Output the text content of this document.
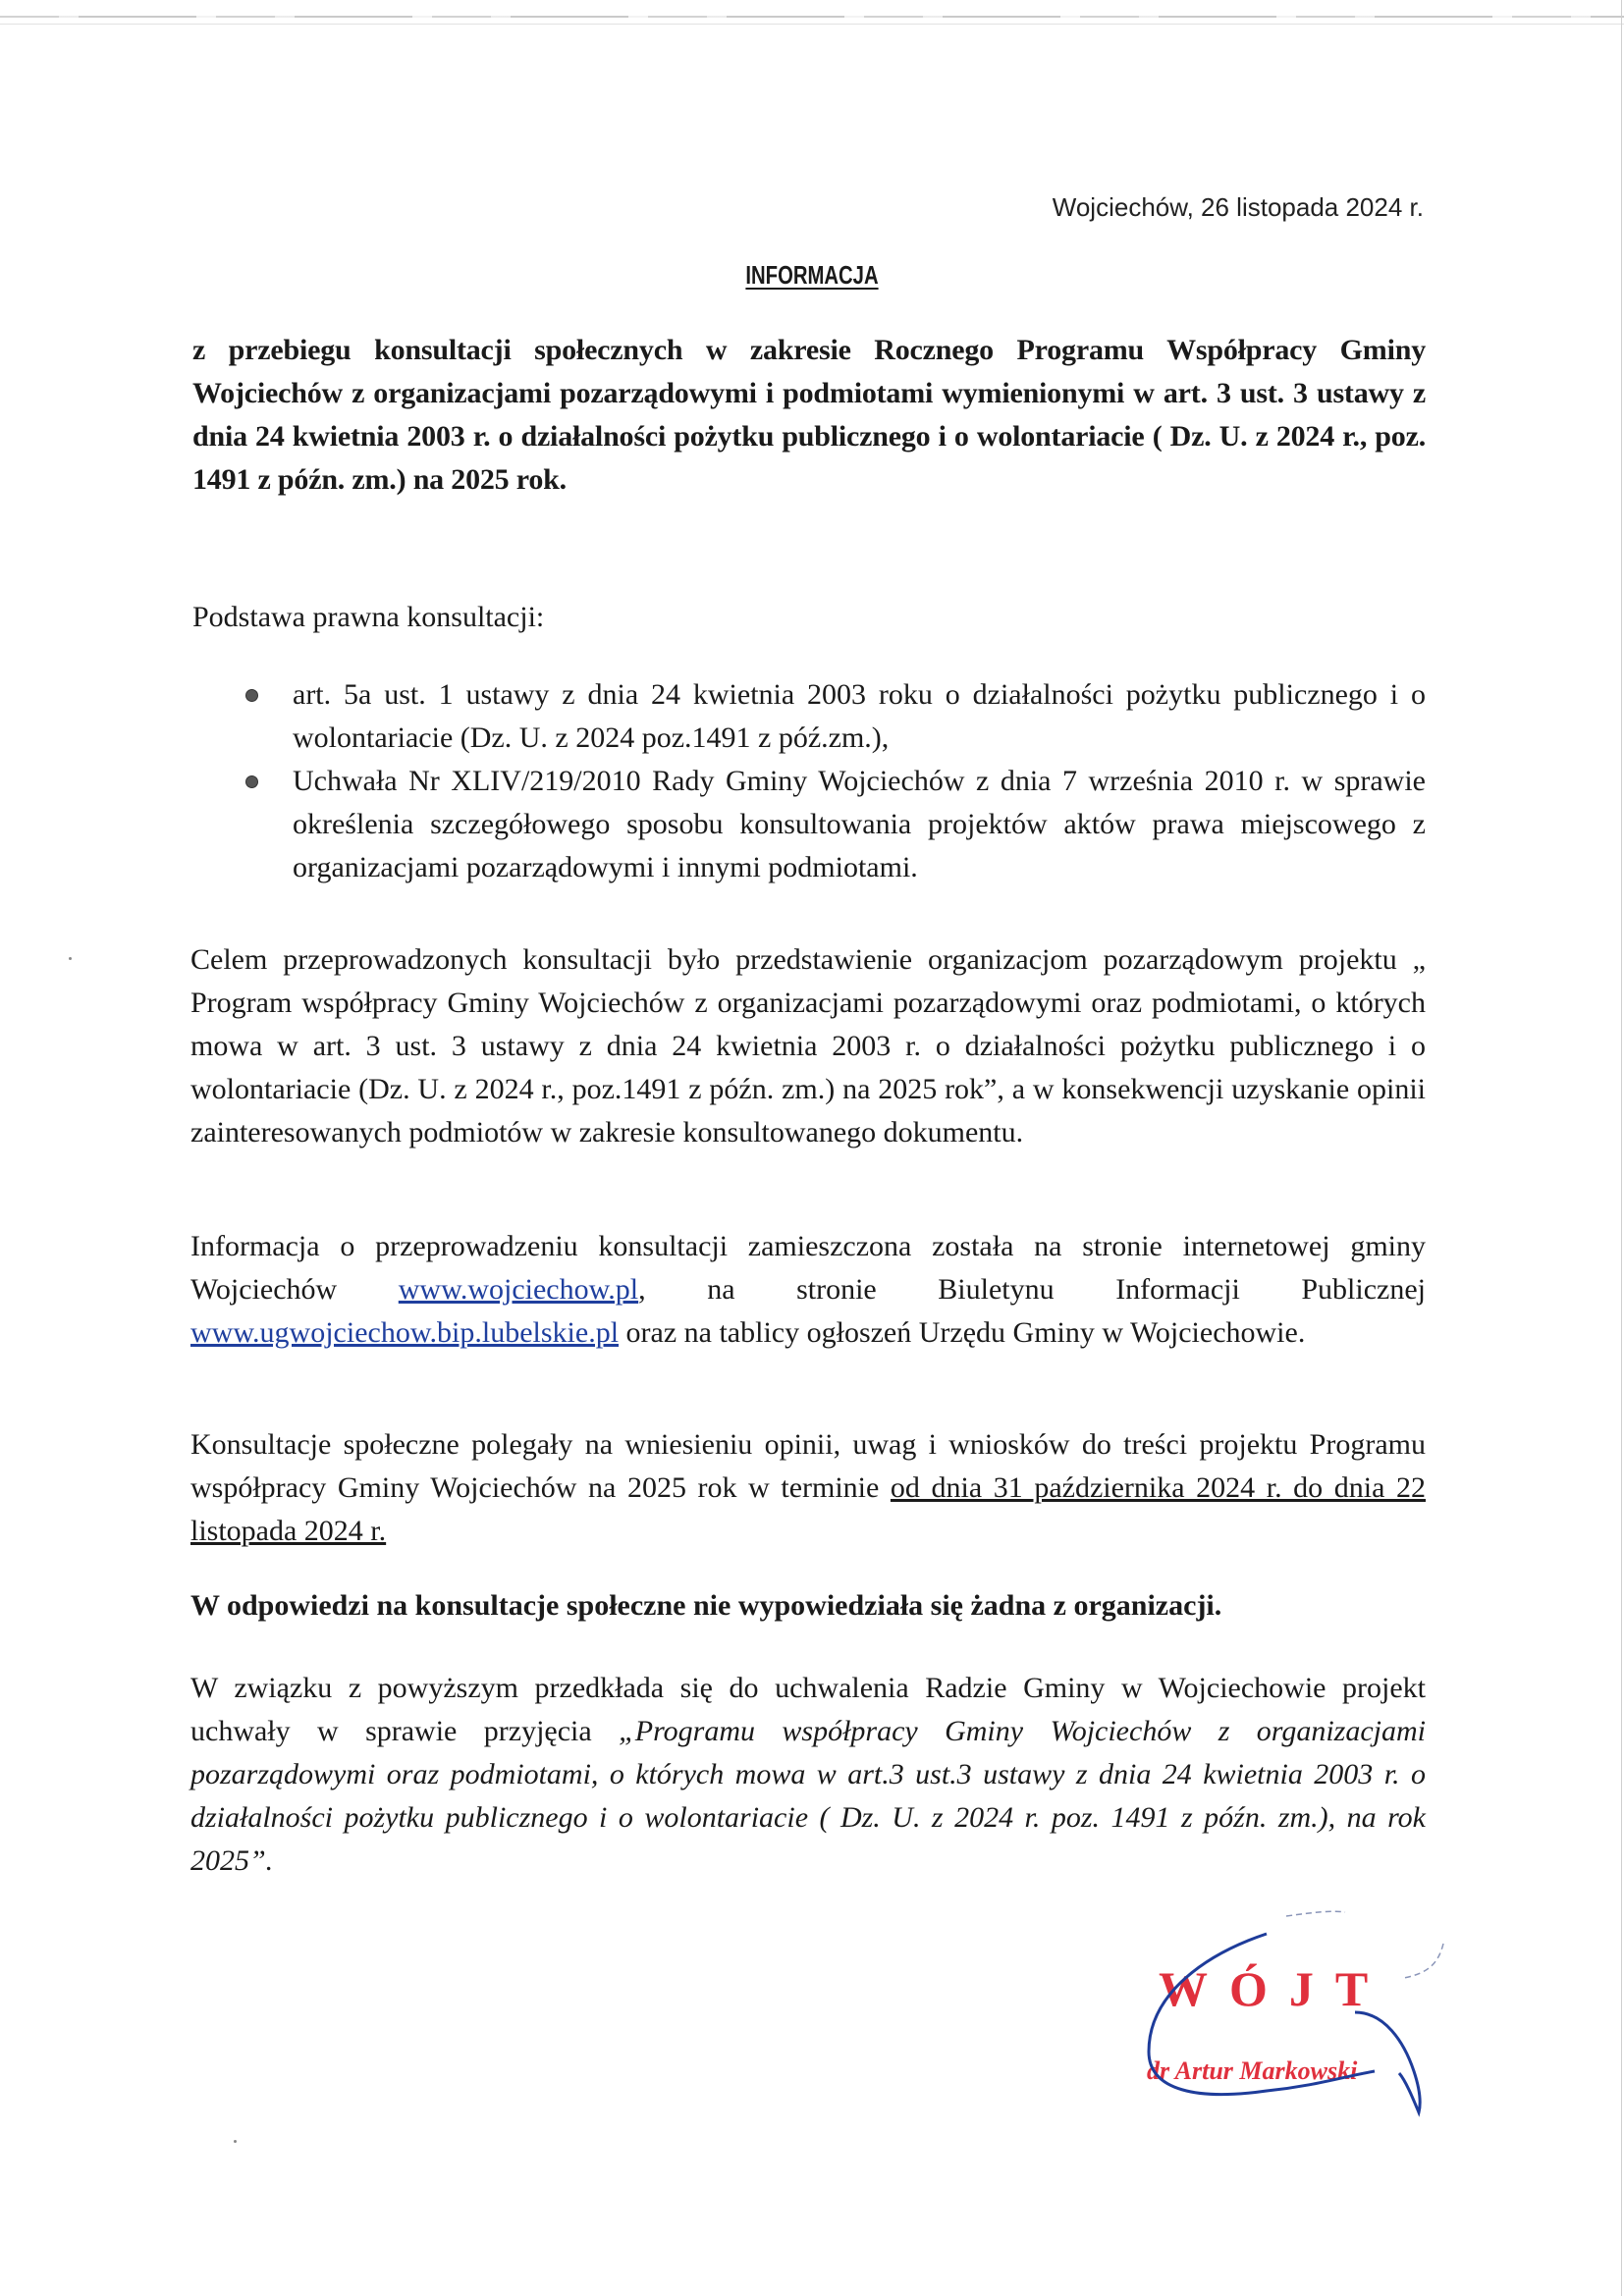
Wojciechów, 26 listopada 2024 r.
INFORMACJA
z przebiegu konsultacji społecznych w zakresie Rocznego Programu Współpracy Gminy Wojciechów z organizacjami pozarządowymi i podmiotami wymienionymi w art. 3 ust. 3 ustawy z dnia 24 kwietnia 2003 r. o działalności pożytku publicznego i o wolontariacie ( Dz. U. z 2024 r., poz. 1491 z późn. zm.) na 2025 rok.
Podstawa prawna konsultacji:
art. 5a ust. 1 ustawy z dnia 24 kwietnia 2003 roku o działalności pożytku publicznego i o wolontariacie (Dz. U. z 2024 poz.1491 z póź.zm.),
Uchwała Nr XLIV/219/2010 Rady Gminy Wojciechów z dnia 7 września 2010 r. w sprawie określenia szczegółowego sposobu konsultowania projektów aktów prawa miejscowego z organizacjami pozarządowymi i innymi podmiotami.
Celem przeprowadzonych konsultacji było przedstawienie organizacjom pozarządowym projektu „ Program współpracy Gminy Wojciechów z organizacjami pozarządowymi oraz podmiotami, o których mowa w art. 3 ust. 3 ustawy z dnia 24 kwietnia 2003 r. o działalności pożytku publicznego i o wolontariacie (Dz. U. z 2024 r., poz.1491 z późn. zm.) na 2025 rok”, a w konsekwencji uzyskanie opinii zainteresowanych podmiotów w zakresie konsultowanego dokumentu.
Informacja o przeprowadzeniu konsultacji zamieszczona została na stronie internetowej gminy Wojciechów www.wojciechow.pl, na stronie Biuletynu Informacji Publicznej www.ugwojciechow.bip.lubelskie.pl oraz na tablicy ogłoszeń Urzędu Gminy w Wojciechowie.
Konsultacje społeczne polegały na wniesieniu opinii, uwag i wniosków do treści projektu Programu współpracy Gminy Wojciechów na 2025 rok w terminie od dnia 31 października 2024 r. do dnia 22 listopada 2024 r.
W odpowiedzi na konsultacje społeczne nie wypowiedziała się żadna z organizacji.
W związku z powyższym przedkłada się do uchwalenia Radzie Gminy w Wojciechowie projekt uchwały w sprawie przyjęcia „Programu współpracy Gminy Wojciechów z organizacjami pozarządowymi oraz podmiotami, o których mowa w art.3 ust.3 ustawy z dnia 24 kwietnia 2003 r. o działalności pożytku publicznego i o wolontariacie ( Dz. U. z 2024 r. poz. 1491 z późn. zm.), na rok 2025”.
WÓJT
dr Artur Markowski
